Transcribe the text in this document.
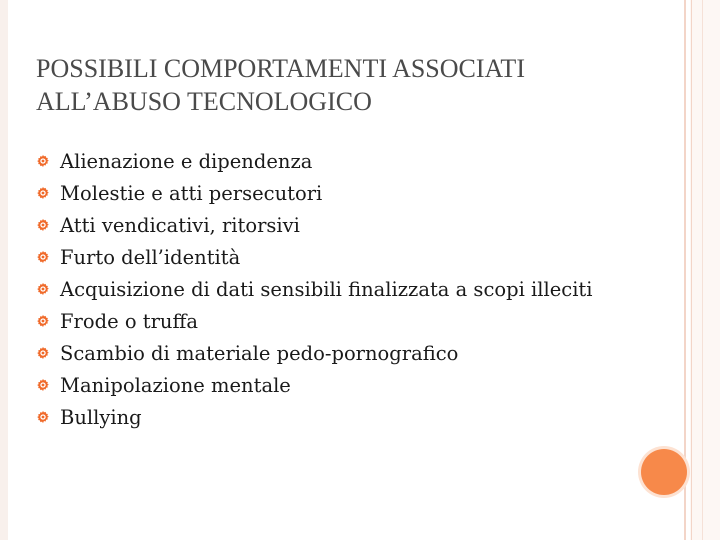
POSSIBILI COMPORTAMENTI ASSOCIATI
ALL’ABUSO TECNOLOGICO
Alienazione e dipendenza
Molestie e atti persecutori
Atti vendicativi, ritorsivi
Furto dell’identità
Acquisizione di dati sensibili finalizzata a scopi illeciti
Frode o truffa
Scambio di materiale pedo-pornografico
Manipolazione mentale
Bullying
